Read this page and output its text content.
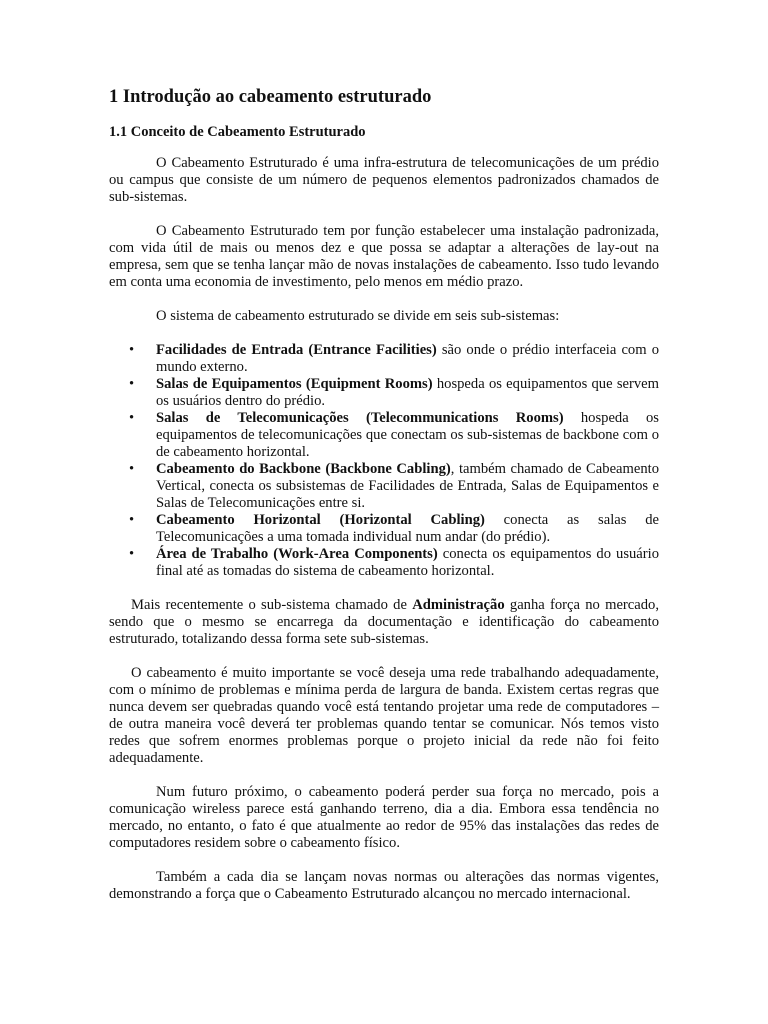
1 Introdução ao cabeamento estruturado
1.1 Conceito de Cabeamento Estruturado

O Cabeamento Estruturado é uma infra-estrutura de telecomunicações de um prédio ou campus que consiste de um número de pequenos elementos padronizados chamados de sub-sistemas.

O Cabeamento Estruturado tem por função estabelecer uma instalação padronizada, com vida útil de mais ou menos dez e que possa se adaptar a alterações de lay-out na empresa, sem que se tenha lançar mão de novas instalações de cabeamento. Isso tudo levando em conta uma economia de investimento, pelo menos em médio prazo.

O sistema de cabeamento estruturado se divide em seis sub-sistemas:

• Facilidades de Entrada (Entrance Facilities) são onde o prédio interfaceia com o mundo externo.
• Salas de Equipamentos (Equipment Rooms) hospeda os equipamentos que servem os usuários dentro do prédio.
• Salas de Telecomunicações (Telecommunications Rooms) hospeda os equipamentos de telecomunicações que conectam os sub-sistemas de backbone com o de cabeamento horizontal.
• Cabeamento do Backbone (Backbone Cabling), também chamado de Cabeamento Vertical, conecta os subsistemas de Facilidades de Entrada, Salas de Equipamentos e Salas de Telecomunicações entre si.
• Cabeamento Horizontal (Horizontal Cabling) conecta as salas de Telecomunicações a uma tomada individual num andar (do prédio).
• Área de Trabalho (Work-Area Components) conecta os equipamentos do usuário final até as tomadas do sistema de cabeamento horizontal.

Mais recentemente o sub-sistema chamado de Administração ganha força no mercado, sendo que o mesmo se encarrega da documentação e identificação do cabeamento estruturado, totalizando dessa forma sete sub-sistemas.

O cabeamento é muito importante se você deseja uma rede trabalhando adequadamente, com o mínimo de problemas e mínima perda de largura de banda. Existem certas regras que nunca devem ser quebradas quando você está tentando projetar uma rede de computadores – de outra maneira você deverá ter problemas quando tentar se comunicar. Nós temos visto redes que sofrem enormes problemas porque o projeto inicial da rede não foi feito adequadamente.

Num futuro próximo, o cabeamento poderá perder sua força no mercado, pois a comunicação wireless parece está ganhando terreno, dia a dia. Embora essa tendência no mercado, no entanto, o fato é que atualmente ao redor de 95% das instalações das redes de computadores residem sobre o cabeamento físico.

Também a cada dia se lançam novas normas ou alterações das normas vigentes, demonstrando a força que o Cabeamento Estruturado alcançou no mercado internacional.
